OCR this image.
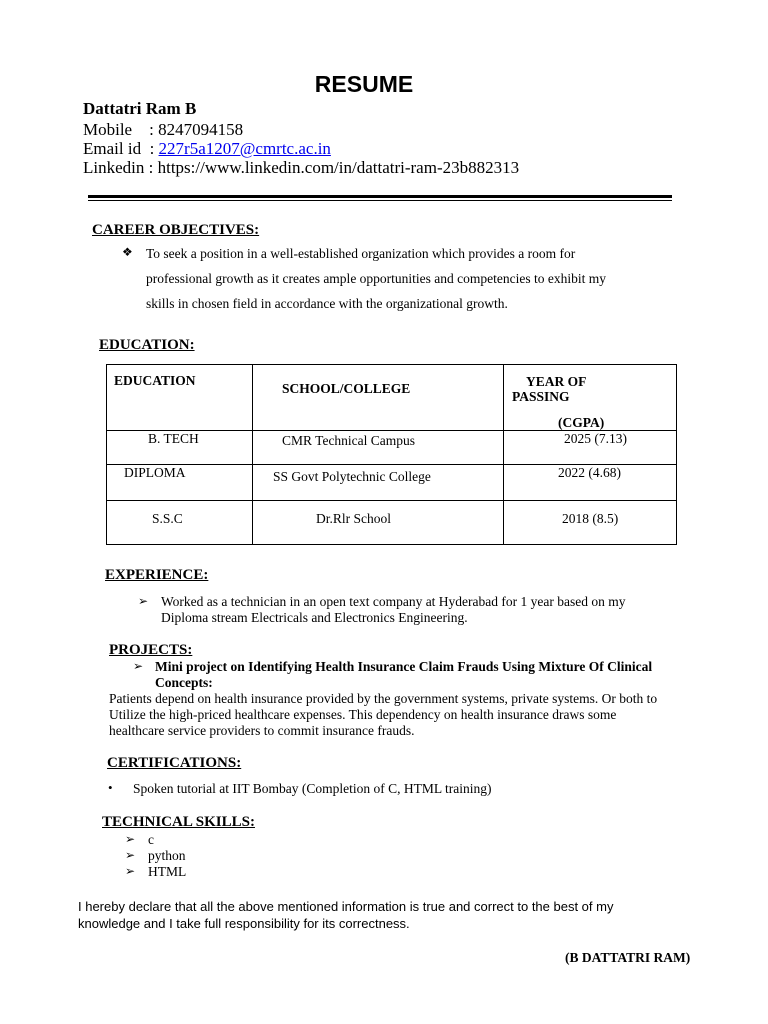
RESUME
Dattatri Ram B
Mobile    : 8247094158
Email id  : 227r5a1207@cmrtc.ac.in
Linkedin : https://www.linkedin.com/in/dattatri-ram-23b882313
CAREER OBJECTIVES:
❖ To seek a position in a well-established organization which provides a room for
professional growth as it creates ample opportunities and competencies to exhibit my
skills in chosen field in accordance with the organizational growth.
EDUCATION:
EDUCATION	SCHOOL/COLLEGE	YEAR OF
PASSING
(CGPA)

B. TECH	CMR Technical Campus	2025 (7.13)

DIPLOMA	SS Govt Polytechnic College	2022 (4.68)

S.S.C	Dr.Rlr School	2018 (8.5)
EXPERIENCE:
➢ Worked as a technician in an open text company at Hyderabad for 1 year based on my
Diploma stream Electricals and Electronics Engineering.
PROJECTS:
➢ Mini project on Identifying Health Insurance Claim Frauds Using Mixture Of Clinical
Concepts:
Patients depend on health insurance provided by the government systems, private systems. Or both to
Utilize the high-priced healthcare expenses. This dependency on health insurance draws some
healthcare service providers to commit insurance frauds.
CERTIFICATIONS:
• Spoken tutorial at IIT Bombay (Completion of C, HTML training)
TECHNICAL SKILLS:
➢ c
➢ python
➢ HTML
I hereby declare that all the above mentioned information is true and correct to the best of my
knowledge and I take full responsibility for its correctness.
(B DATTATRI RAM)
